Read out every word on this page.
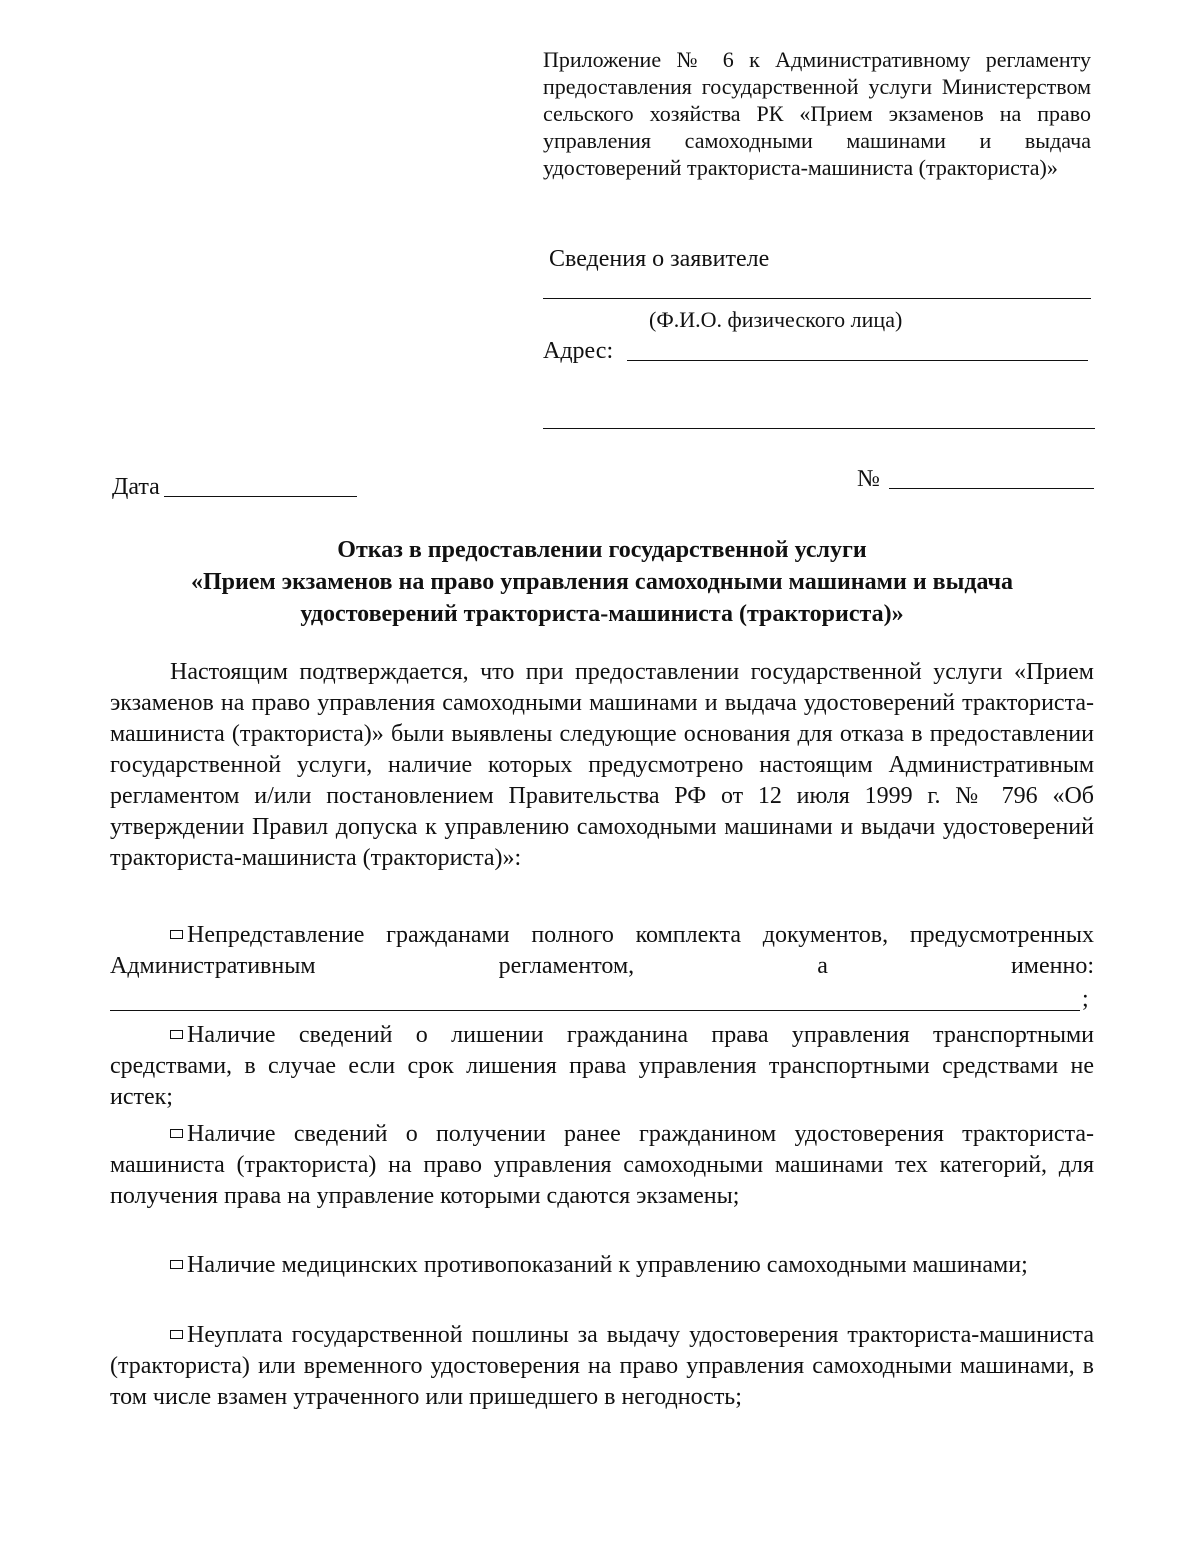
Приложение № 6 к Административному регламенту предоставления государственной услуги Министерством сельского хозяйства РК «Прием экзаменов на право управления самоходными машинами и выдача удостоверений тракториста-машиниста (тракториста)»
Сведения о заявителе
(Ф.И.О. физического лица)
Адрес:
Дата	№
Отказ в предоставлении государственной услуги
«Прием экзаменов на право управления самоходными машинами и выдача
удостоверений тракториста-машиниста (тракториста)»
Настоящим подтверждается, что при предоставлении государственной услуги «Прием экзаменов на право управления самоходными машинами и выдача удостоверений тракториста-машиниста (тракториста)» были выявлены следующие основания для отказа в предоставлении государственной услуги, наличие которых предусмотрено настоящим Административным регламентом и/или постановлением Правительства РФ от 12 июля 1999 г. № 796 «Об утверждении Правил допуска к управлению самоходными машинами и выдачи удостоверений тракториста-машиниста (тракториста)»:
Непредставление гражданами полного комплекта документов, предусмотренных Административным регламентом, а именно:
;
Наличие сведений о лишении гражданина права управления транспортными средствами, в случае если срок лишения права управления транспортными средствами не истек;
Наличие сведений о получении ранее гражданином удостоверения тракториста-машиниста (тракториста) на право управления самоходными машинами тех категорий, для получения права на управление которыми сдаются экзамены;
Наличие медицинских противопоказаний к управлению самоходными машинами;
Неуплата государственной пошлины за выдачу удостоверения тракториста-машиниста (тракториста) или временного удостоверения на право управления самоходными машинами, в том числе взамен утраченного или пришедшего в негодность;
